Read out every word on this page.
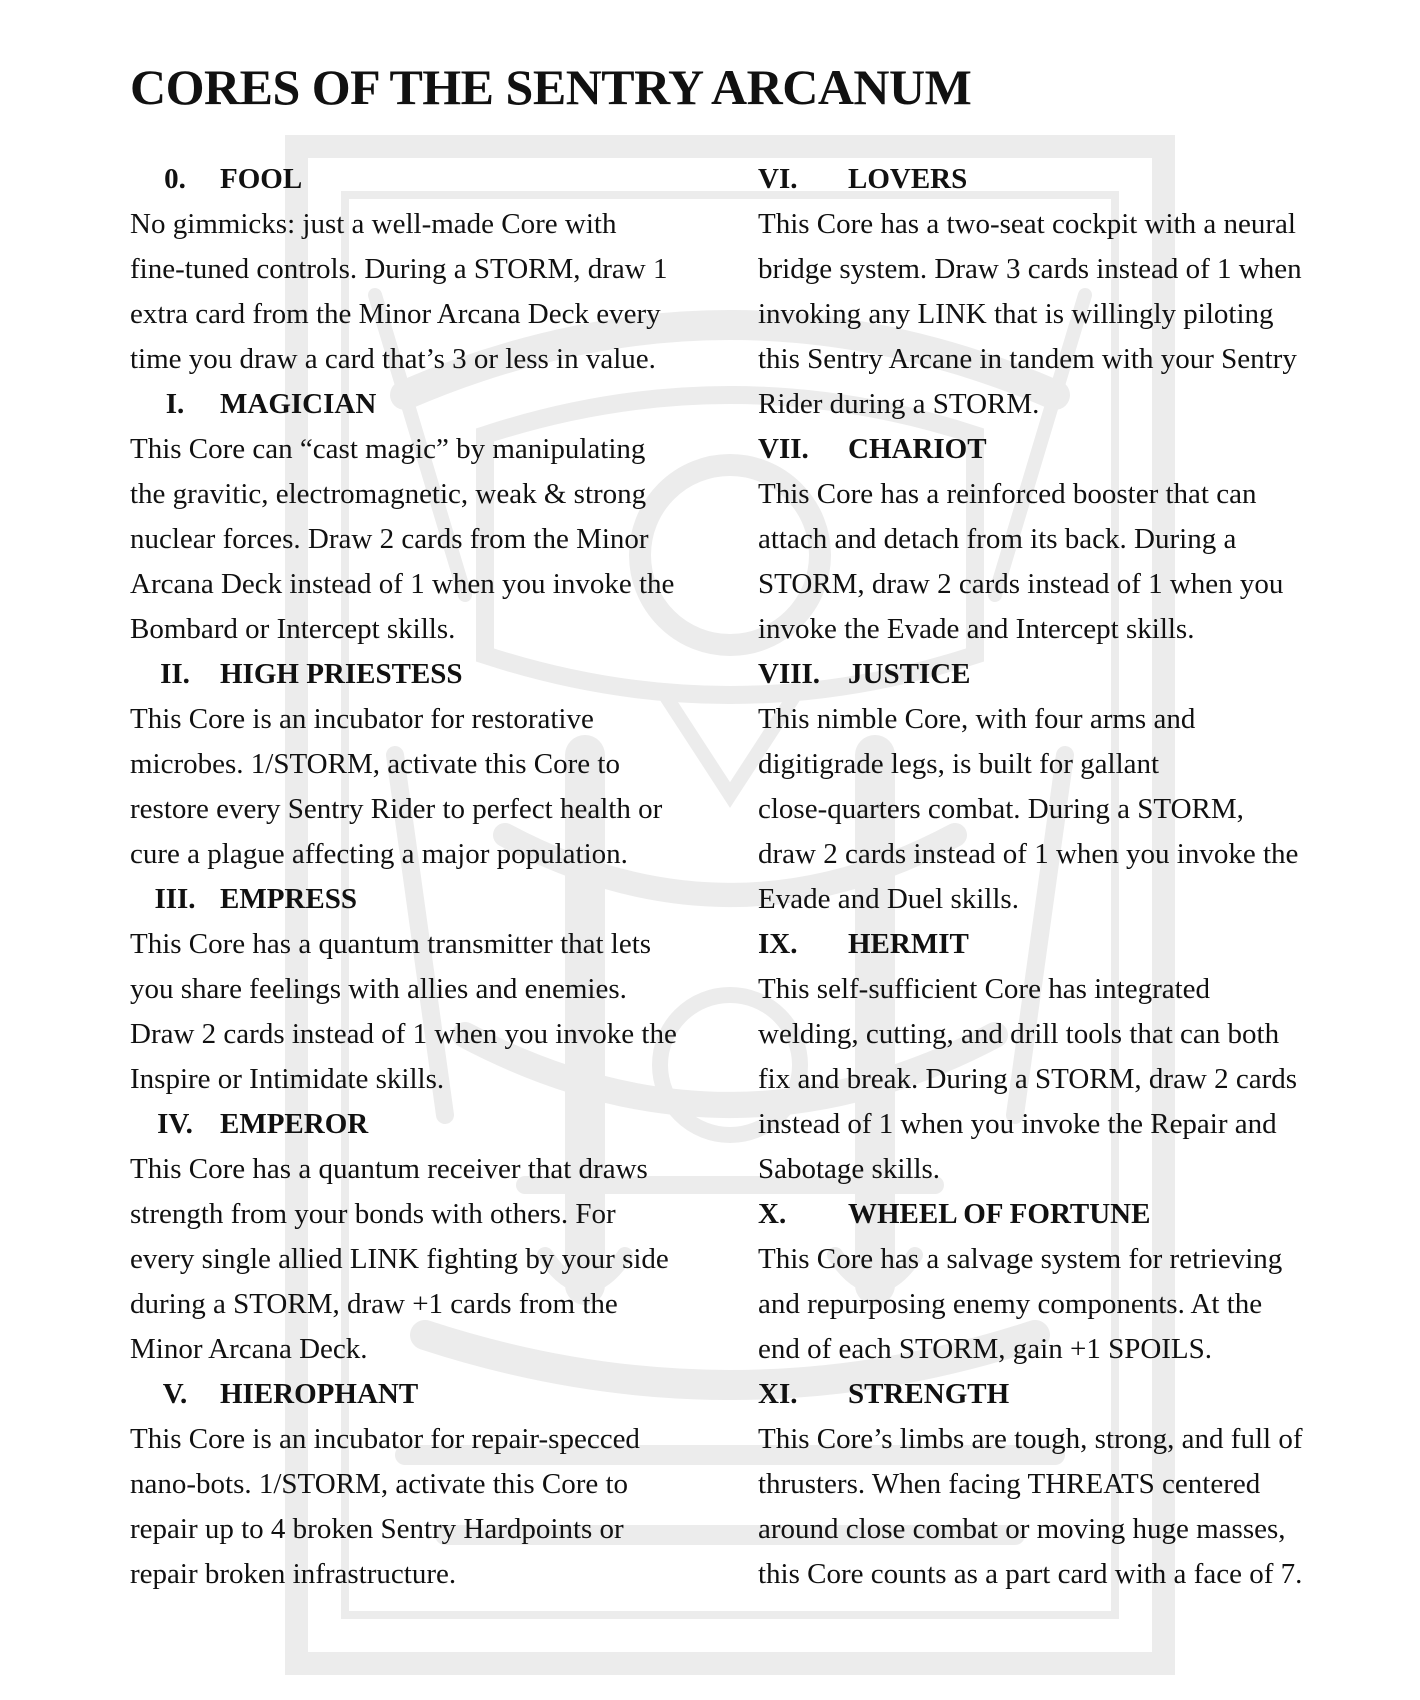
CORES OF THE SENTRY ARCANUM
0.	FOOL
No gimmicks: just a well-made Core with
fine-tuned controls. During a STORM, draw 1
extra card from the Minor Arcana Deck every
time you draw a card that’s 3 or less in value.
I.	MAGICIAN
This Core can “cast magic” by manipulating
the gravitic, electromagnetic, weak & strong
nuclear forces. Draw 2 cards from the Minor
Arcana Deck instead of 1 when you invoke the
Bombard or Intercept skills.
II.	HIGH PRIESTESS
This Core is an incubator for restorative
microbes. 1/STORM, activate this Core to
restore every Sentry Rider to perfect health or
cure a plague affecting a major population.
III. EMPRESS
This Core has a quantum transmitter that lets
you share feelings with allies and enemies.
Draw 2 cards instead of 1 when you invoke the
Inspire or Intimidate skills.
IV. EMPEROR
This Core has a quantum receiver that draws
strength from your bonds with others. For
every single allied LINK fighting by your side
during a STORM, draw +1 cards from the
Minor Arcana Deck.
V.	HIEROPHANT
This Core is an incubator for repair-specced
nano-bots. 1/STORM, activate this Core to
repair up to 4 broken Sentry Hardpoints or
repair broken infrastructure.
VI.	LOVERS
This Core has a two-seat cockpit with a neural
bridge system. Draw 3 cards instead of 1 when
invoking any LINK that is willingly piloting
this Sentry Arcane in tandem with your Sentry
Rider during a STORM.
VII.	CHARIOT
This Core has a reinforced booster that can
attach and detach from its back. During a
STORM, draw 2 cards instead of 1 when you
invoke the Evade and Intercept skills.
VIII. JUSTICE
This nimble Core, with four arms and
digitigrade legs, is built for gallant
close-quarters combat. During a STORM,
draw 2 cards instead of 1 when you invoke the
Evade and Duel skills.
IX.	HERMIT
This self-sufficient Core has integrated
welding, cutting, and drill tools that can both
fix and break. During a STORM, draw 2 cards
instead of 1 when you invoke the Repair and
Sabotage skills.
X.	WHEEL OF FORTUNE
This Core has a salvage system for retrieving
and repurposing enemy components. At the
end of each STORM, gain +1 SPOILS.
XI.	STRENGTH
This Core’s limbs are tough, strong, and full of
thrusters. When facing THREATS centered
around close combat or moving huge masses,
this Core counts as a part card with a face of 7.
